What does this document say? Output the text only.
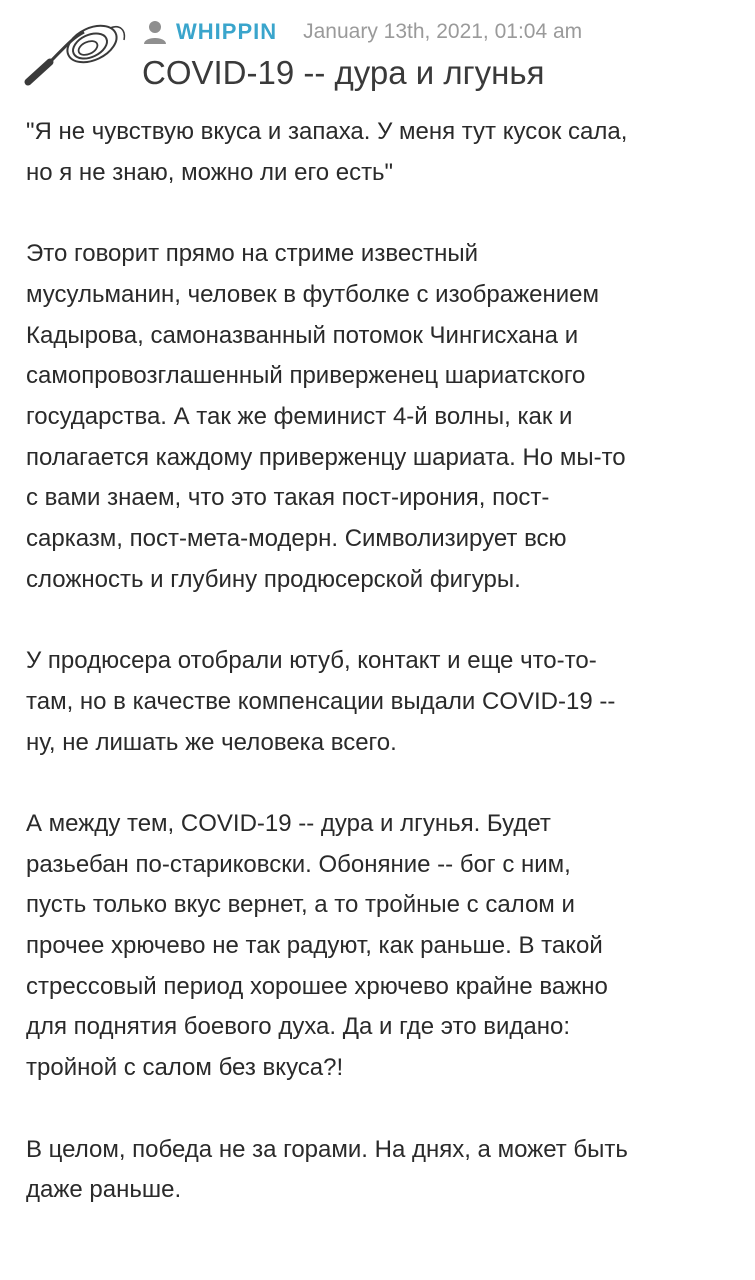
WHIPPIN January 13th, 2021, 01:04 am
COVID-19 -- дура и лгунья

"Я не чувствую вкуса и запаха. У меня тут кусок сала,
но я не знаю, можно ли его есть"

Это говорит прямо на стриме известный
мусульманин, человек в футболке с изображением
Кадырова, самоназванный потомок Чингисхана и
самопровозглашенный приверженец шариатского
государства. А так же феминист 4-й волны, как и
полагается каждому приверженцу шариата. Но мы-то
с вами знаем, что это такая пост-ирония, пост-
сарказм, пост-мета-модерн. Символизирует всю
сложность и глубину продюсерской фигуры.

У продюсера отобрали ютуб, контакт и еще что-то-
там, но в качестве компенсации выдали COVID-19 --
ну, не лишать же человека всего.

А между тем, COVID-19 -- дура и лгунья. Будет
разьебан по-стариковски. Обоняние -- бог с ним,
пусть только вкус вернет, а то тройные с салом и
прочее хрючево не так радуют, как раньше. В такой
стрессовый период хорошее хрючево крайне важно
для поднятия боевого духа. Да и где это видано:
тройной с салом без вкуса?!

В целом, победа не за горами. На днях, а может быть
даже раньше.
